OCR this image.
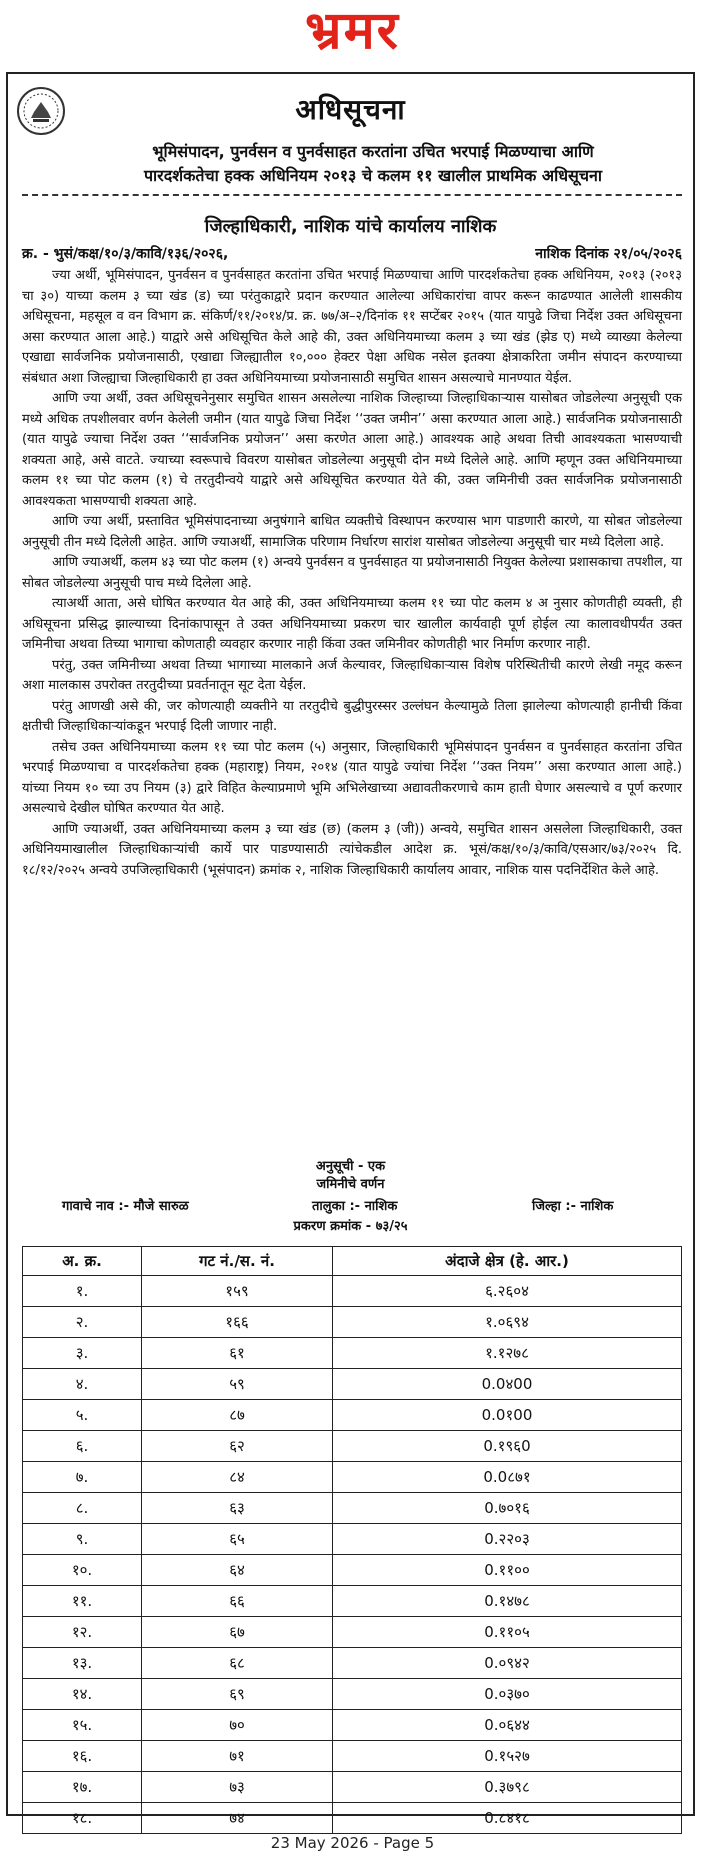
भ्रमर
अधिसूचना
भूमिसंपादन, पुनर्वसन व पुनर्वसाहत करतांना उचित भरपाई मिळण्याचा आणि
पारदर्शकतेचा हक्क अधिनियम २०१३ चे कलम ११ खालील प्राथमिक अधिसूचना
जिल्हाधिकारी, नाशिक यांचे कार्यालय नाशिक
क्र. - भुसं/कक्ष/१०/३/कावि/१३६/२०२६,	नाशिक दिनांक २१/०५/२०२६

ज्या अर्थी, भूमिसंपादन, पुनर्वसन व पुनर्वसाहत करतांना उचित भरपाई मिळण्याचा आणि पारदर्शकतेचा हक्क अधिनियम, २०१३ (२०१३ चा ३०) याच्या कलम ३ च्या खंड (ड) च्या परंतुकाद्वारे प्रदान करण्यात आलेल्या अधिकारांचा वापर करून काढण्यात आलेली शासकीय अधिसूचना, महसूल व वन विभाग क्र. संकिर्ण/११/२०१४/प्र. क्र. ७७/अ–२/दिनांक ११ सप्टेंबर २०१५ (यात यापुढे जिचा निर्देश उक्त अधिसूचना असा करण्यात आला आहे.) याद्वारे असे अधिसूचित केले आहे की, उक्त अधिनियमाच्या कलम ३ च्या खंड (झेड ए) मध्ये व्याख्या केलेल्या एखाद्या सार्वजनिक प्रयोजनासाठी, एखाद्या जिल्ह्यातील १०,००० हेक्टर पेक्षा अधिक नसेल इतक्या क्षेत्राकरिता जमीन संपादन करण्याच्या संबंधात अशा जिल्ह्याचा जिल्हाधिकारी हा उक्त अधिनियमाच्या प्रयोजनासाठी समुचित शासन असल्याचे मानण्यात येईल.

आणि ज्या अर्थी, उक्त अधिसूचनेनुसार समुचित शासन असलेल्या नाशिक जिल्हाच्या जिल्हाधिकाऱ्यास यासोबत जोडलेल्या अनुसूची एक मध्ये अधिक तपशीलवार वर्णन केलेली जमीन (यात यापुढे जिचा निर्देश ‘‘उक्त जमीन’’ असा करण्यात आला आहे.) सार्वजनिक प्रयोजनासाठी (यात यापुढे ज्याचा निर्देश उक्त ‘‘सार्वजनिक प्रयोजन’’ असा करणेत आला आहे.) आवश्यक आहे अथवा तिची आवश्यकता भासण्याची शक्यता आहे, असे वाटते. ज्याच्या स्वरूपाचे विवरण यासोबत जोडलेल्या अनुसूची दोन मध्ये दिलेले आहे. आणि म्हणून उक्त अधिनियमाच्या कलम ११ च्या पोट कलम (१) चे तरतुदीन्वये याद्वारे असे अधिसूचित करण्यात येते की, उक्त जमिनीची उक्त सार्वजनिक प्रयोजनासाठी आवश्यकता भासण्याची शक्यता आहे.

आणि ज्या अर्थी, प्रस्तावित भूमिसंपादनाच्या अनुषंगाने बाधित व्यक्तीचे विस्थापन करण्यास भाग पाडणारी कारणे, या सोबत जोडलेल्या अनुसूची तीन मध्ये दिलेली आहेत. आणि ज्याअर्थी, सामाजिक परिणाम निर्धारण सारांश यासोबत जोडलेल्या अनुसूची चार मध्ये दिलेला आहे.

आणि ज्याअर्थी, कलम ४३ च्या पोट कलम (१) अन्वये पुनर्वसन व पुनर्वसाहत या प्रयोजनासाठी नियुक्त केलेल्या प्रशासकाचा तपशील, या सोबत जोडलेल्या अनुसूची पाच मध्ये दिलेला आहे.

त्याअर्थी आता, असे घोषित करण्यात येत आहे की, उक्त अधिनियमाच्या कलम ११ च्या पोट कलम ४ अ नुसार कोणतीही व्यक्ती, ही अधिसूचना प्रसिद्ध झाल्याच्या दिनांकापासून ते उक्त अधिनियमाच्या प्रकरण चार खालील कार्यवाही पूर्ण होईल त्या कालावधीपर्यंत उक्त जमिनीचा अथवा तिच्या भागाचा कोणताही व्यवहार करणार नाही किंवा उक्त जमिनीवर कोणतीही भार निर्माण करणार नाही.

परंतु, उक्त जमिनीच्या अथवा तिच्या भागाच्या मालकाने अर्ज केल्यावर, जिल्हाधिकाऱ्यास विशेष परिस्थितीची कारणे लेखी नमूद करून अशा मालकास उपरोक्त तरतुदीच्या प्रवर्तनातून सूट देता येईल.

परंतु आणखी असे की, जर कोणत्याही व्यक्तीने या तरतुदीचे बुद्धीपुरस्सर उल्लंघन केल्यामुळे तिला झालेल्या कोणत्याही हानीची किंवा क्षतीची जिल्हाधिकाऱ्यांकडून भरपाई दिली जाणार नाही.

तसेच उक्त अधिनियमाच्या कलम ११ च्या पोट कलम (५) अनुसार, जिल्हाधिकारी भूमिसंपादन पुनर्वसन व पुनर्वसाहत करतांना उचित भरपाई मिळण्याचा व पारदर्शकतेचा हक्क (महाराष्ट्र) नियम, २०१४ (यात यापुढे ज्यांचा निर्देश ‘‘उक्त नियम’’ असा करण्यात आला आहे.) यांच्या नियम १० च्या उप नियम (३) द्वारे विहित केल्याप्रमाणे भूमि अभिलेखाच्या अद्यावतीकरणाचे काम हाती घेणार असल्याचे व पूर्ण करणार असल्याचे देखील घोषित करण्यात येत आहे.

आणि ज्याअर्थी, उक्त अधिनियमाच्या कलम ३ च्या खंड (छ) (कलम ३ (जी)) अन्वये, समुचित शासन असलेला जिल्हाधिकारी, उक्त अधिनियमाखालील जिल्हाधिकाऱ्यांची कार्ये पार पाडण्यासाठी त्यांचेकडील आदेश क्र. भूसं/कक्ष/१०/३/कावि/एसआर/७३/२०२५ दि. १८/१२/२०२५ अन्वये उपजिल्हाधिकारी (भूसंपादन) क्रमांक २, नाशिक जिल्हाधिकारी कार्यालय आवार, नाशिक यास पदनिर्देशित केले आहे.

अनुसूची - एक
जमिनीचे वर्णन
गावाचे नाव :- मौजे सारुळ	तालुका :- नाशिक	जिल्हा :- नाशिक
प्रकरण क्रमांक - ७३/२५
अ. क्र.	गट नं./स. नं.	अंदाजे क्षेत्र (हे. आर.)
१.	१५९	६.२६०४
२.	१६६	१.०६९४
३.	६१	१.१२७८
४.	५९	0.0४00
५.	८७	0.0१00
६.	६२	0.१९६0
७.	८४	0.0८७१
८.	६३	0.७०१६
९.	६५	0.२२०३
१०.	६४	0.११००
११.	६६	0.१४७८
१२.	६७	0.११०५
१३.	६८	0.०९४२
१४.	६९	0.०३७०
१५.	७०	0.०६४४
१६.	७१	0.१५२७
१७.	७३	0.३७९८
१८.	७४	0.८४१८
23 May 2026 - Page 5
